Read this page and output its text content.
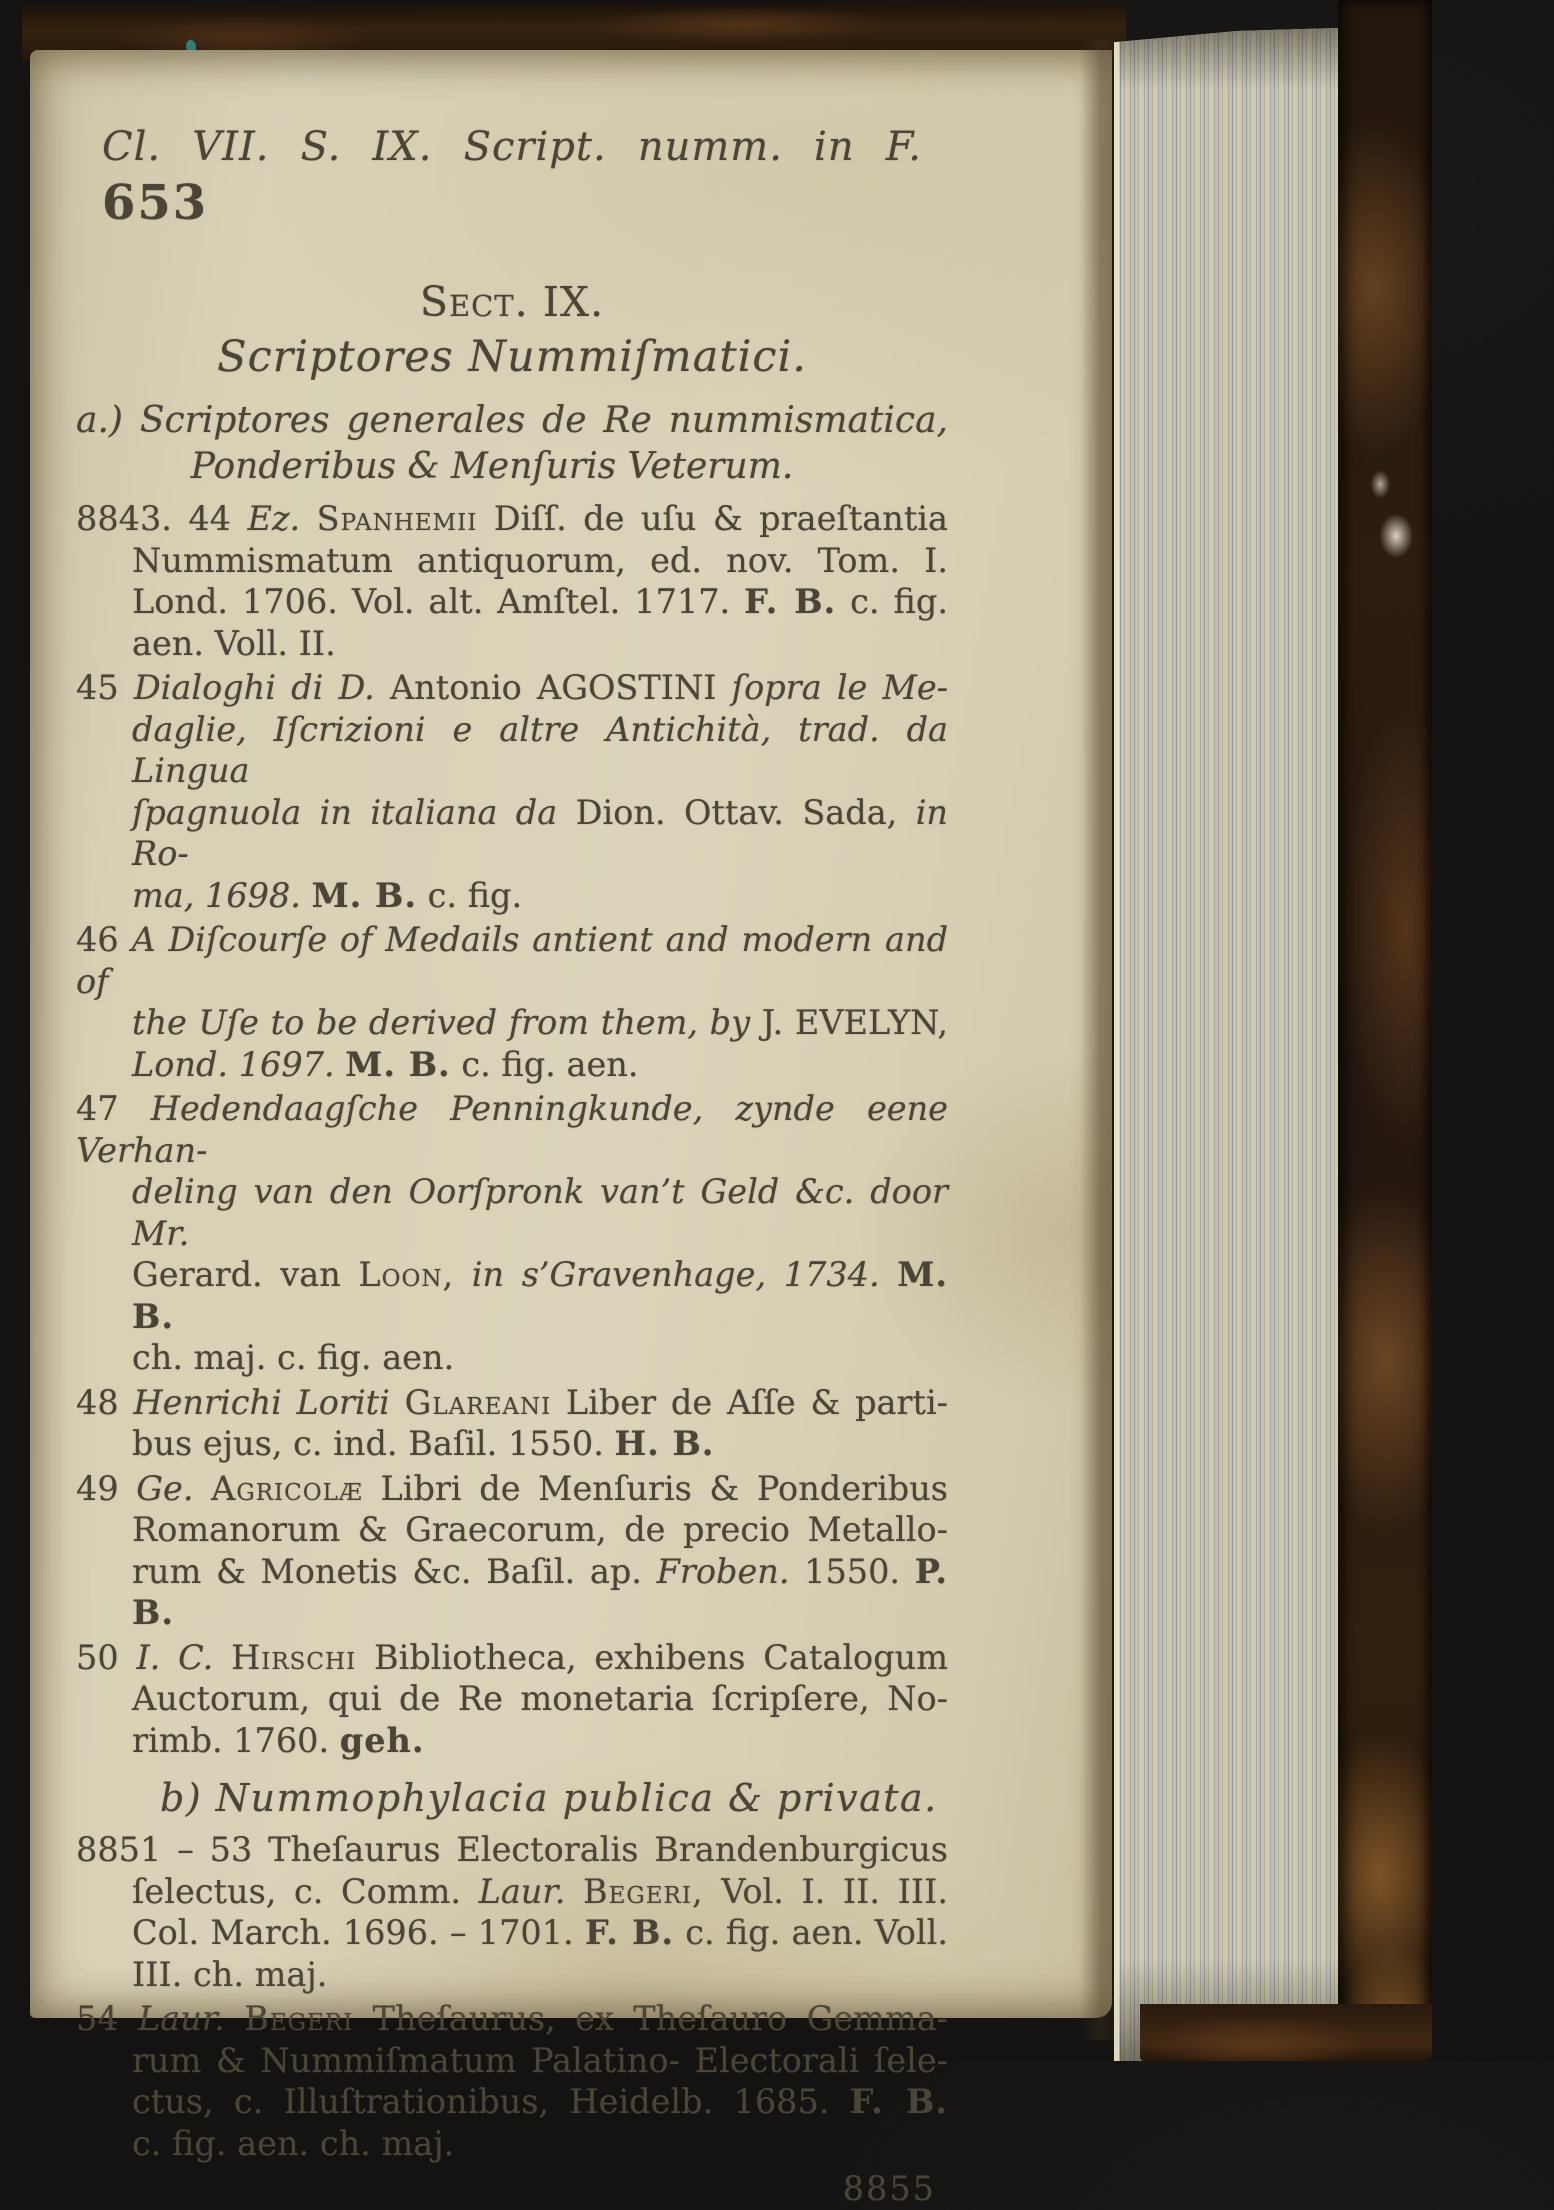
Cl. VII. S. IX. Script. numm. in F. 653
Sect. IX.
Scriptores Nummiſmatici.
a.) Scriptores generales de Re nummismatica,
Ponderibus & Menſuris Veterum.
8843. 44 Ez. Spanhemii Diſſ. de uſu & praeſtantia
Nummismatum antiquorum, ed. nov. Tom. I.
Lond. 1706. Vol. alt. Amſtel. 1717. F. B. c. fig.
aen. Voll. II.
45 Dialoghi di D. Antonio AGOSTINI ſopra le Me-
daglie, Iſcrizioni e altre Antichità, trad. da Lingua
ſpagnuola in italiana da Dion. Ottav. Sada, in Ro-
ma, 1698. M. B. c. fig.
46 A Diſcourſe of Medails antient and modern and of
the Uſe to be derived from them, by J. EVELYN,
Lond. 1697. M. B. c. fig. aen.
47 Hedendaagſche Penningkunde, zynde eene Verhan-
deling van den Oorſpronk van’t Geld &c. door Mr.
Gerard. van Loon, in s’Gravenhage, 1734. M. B.
ch. maj. c. fig. aen.
48 Henrichi Loriti Glareani Liber de Aſſe & parti-
bus ejus, c. ind. Baſil. 1550. H. B.
49 Ge. Agricolæ Libri de Menſuris & Ponderibus
Romanorum & Graecorum, de precio Metallo-
rum & Monetis &c. Baſil. ap. Froben. 1550. P. B.
50 I. C. Hirschi Bibliotheca, exhibens Catalogum
Auctorum, qui de Re monetaria ſcripſere, No-
rimb. 1760. geh.
b) Nummophylacia publica & privata.
8851 – 53 Theſaurus Electoralis Brandenburgicus
ſelectus, c. Comm. Laur. Begeri, Vol. I. II. III.
Col. March. 1696. – 1701. F. B. c. fig. aen. Voll.
III. ch. maj.
54 Laur. Begeri Theſaurus, ex Theſauro Gemma-
rum & Nummiſmatum Palatino- Electorali ſele-
ctus, c. Illuſtrationibus, Heidelb. 1685. F. B.
c. fig. aen. ch. maj.
8855
